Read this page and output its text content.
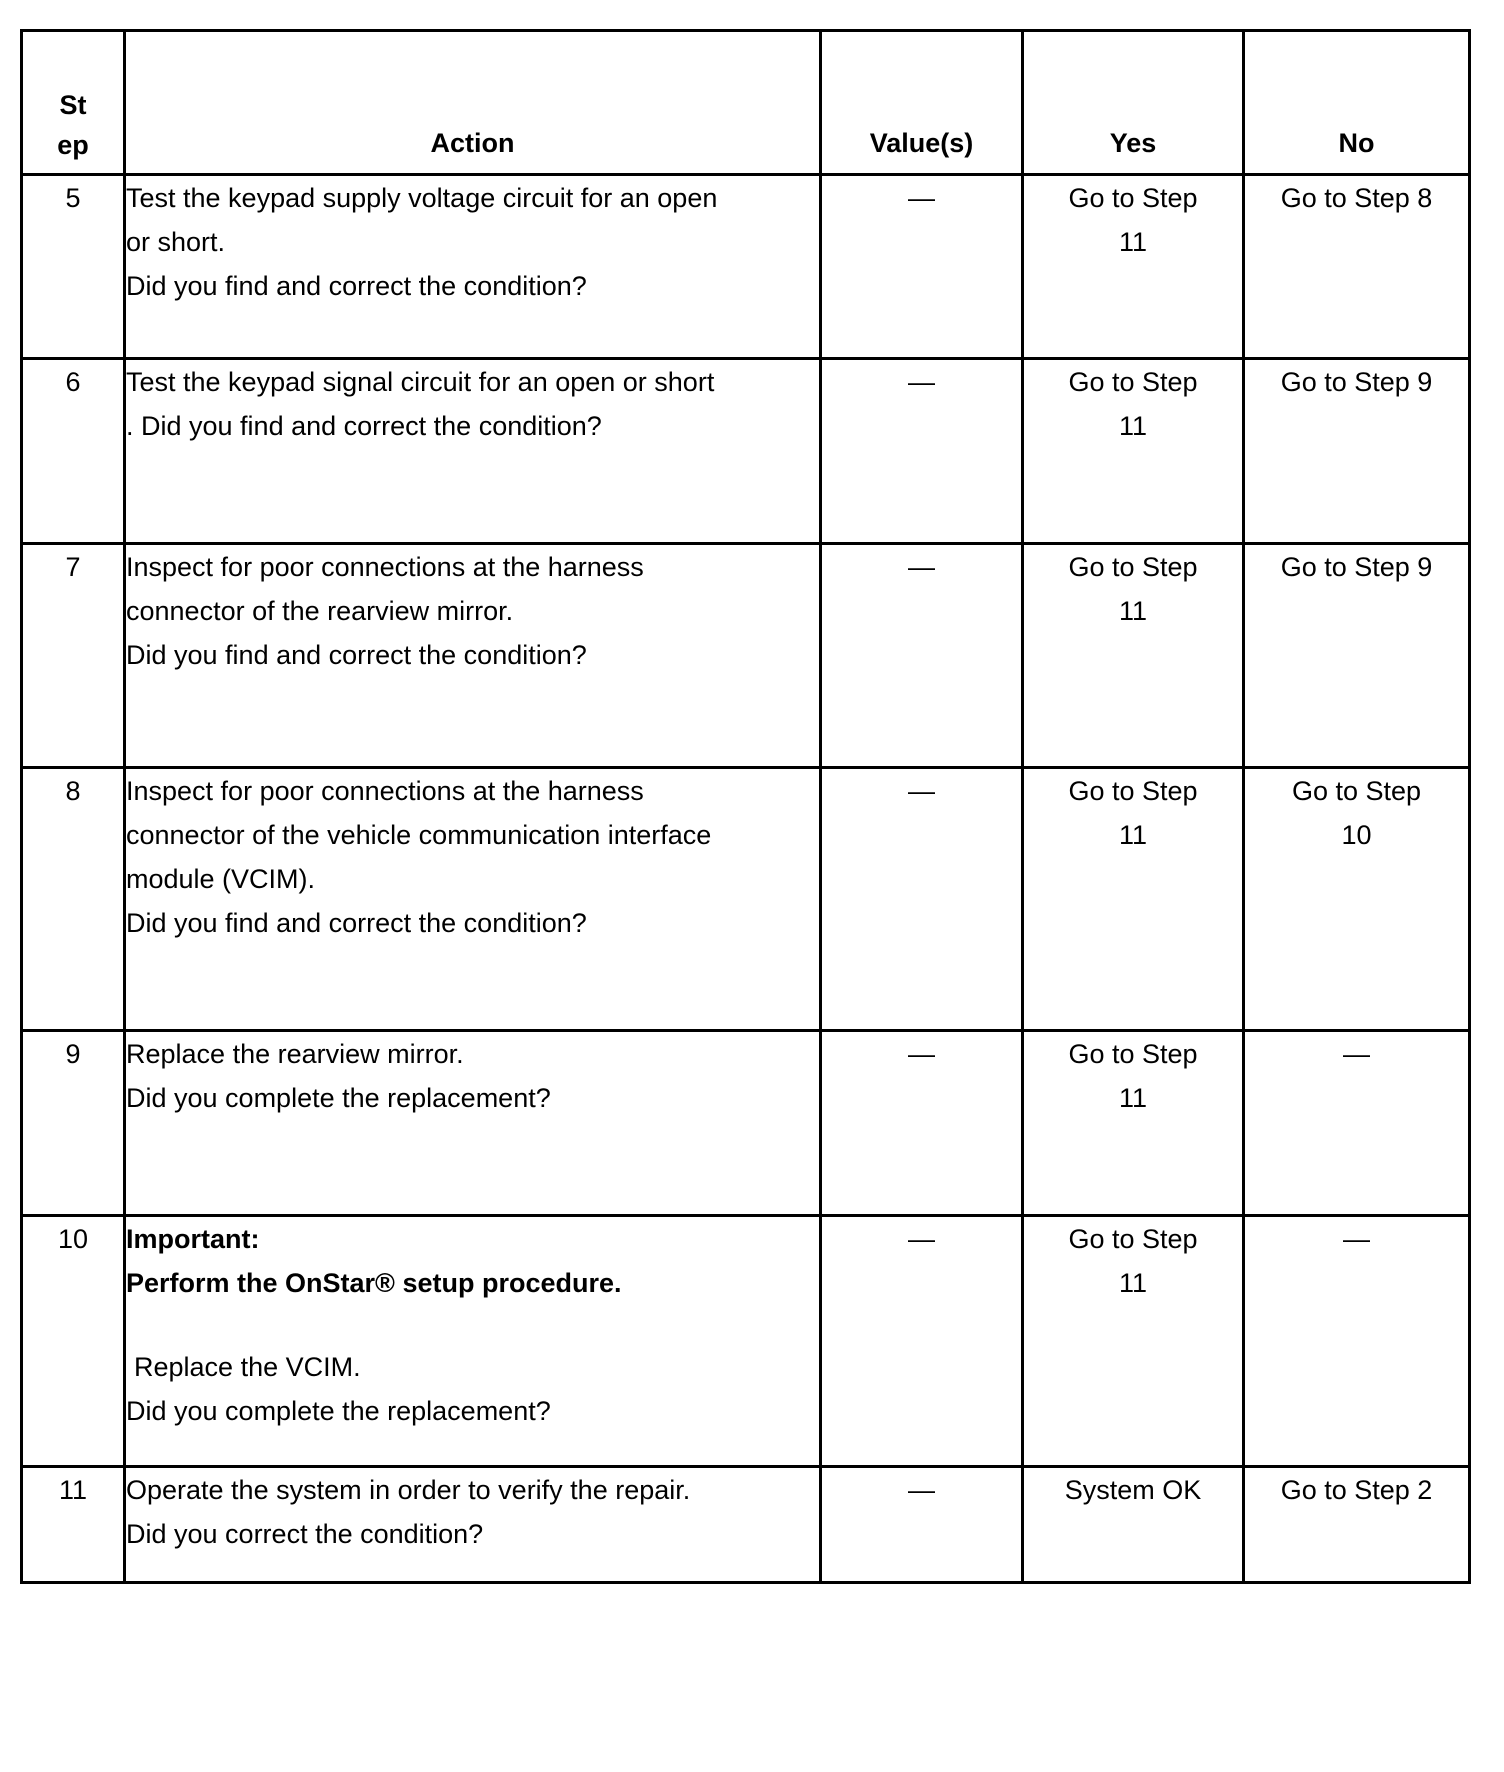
St
ep	Action	Value(s)	Yes	No
5	Test the keypad supply voltage circuit for an open
or short.
Did you find and correct the condition?	—	Go to Step
11	Go to Step 8

6	Test the keypad signal circuit for an open or short
. Did you find and correct the condition?	—	Go to Step
11	Go to Step 9

7	Inspect for poor connections at the harness
connector of the rearview mirror.
Did you find and correct the condition?	—	Go to Step
11	Go to Step 9

8	Inspect for poor connections at the harness
connector of the vehicle communication interface
module (VCIM).
Did you find and correct the condition?	—	Go to Step
11	Go to Step
10

9	Replace the rearview mirror.
Did you complete the replacement?	—	Go to Step
11	—

10	Important:
Perform the OnStar® setup procedure.
Replace the VCIM.
Did you complete the replacement?	—	Go to Step
11	—

11	Operate the system in order to verify the repair.
Did you correct the condition?	—	System OK	Go to Step 2
